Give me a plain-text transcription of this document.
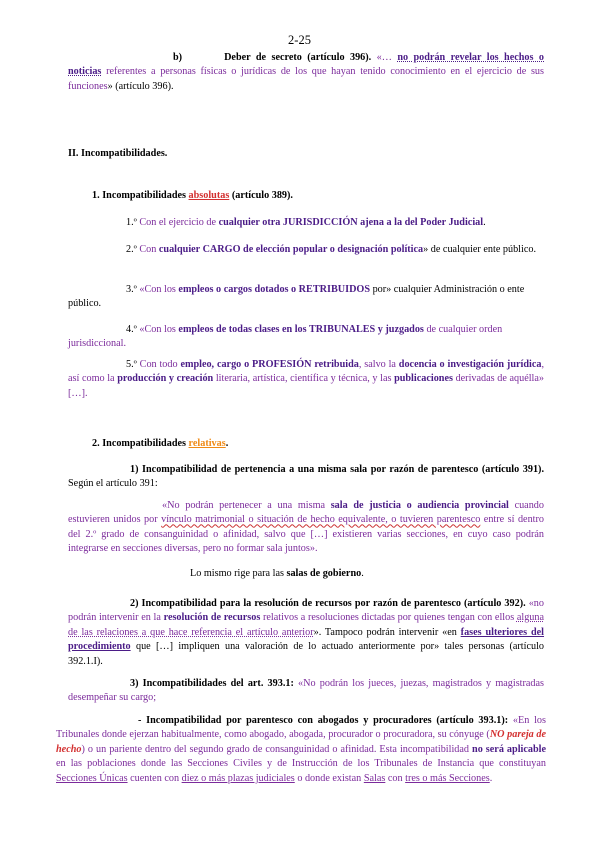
2-25

b)	Deber de secreto (artículo 396). «… no podrán revelar los hechos o noticias referentes a personas físicas o jurídicas de los que hayan tenido conocimiento en el ejercicio de sus funciones» (artículo 396).

II. Incompatibilidades.

1. Incompatibilidades absolutas (artículo 389).

1.º Con el ejercicio de cualquier otra JURISDICCIÓN ajena a la del Poder Judicial.

2.º Con cualquier CARGO de elección popular o designación política» de cualquier ente público.

3.º «Con los empleos o cargos dotados o RETRIBUIDOS por» cualquier Administración o ente público.

4.º «Con los empleos de todas clases en los TRIBUNALES y juzgados de cualquier orden jurisdiccional.

5.º Con todo empleo, cargo o PROFESIÓN retribuida, salvo la docencia o investigación jurídica, así como la producción y creación literaria, artística, científica y técnica, y las publicaciones derivadas de aquélla» […].

2. Incompatibilidades relativas.

1) Incompatibilidad de pertenencia a una misma sala por razón de parentesco (artículo 391). Según el artículo 391:

«No podrán pertenecer a una misma sala de justicia o audiencia provincial cuando estuvieren unidos por vínculo matrimonial o situación de hecho equivalente, o tuvieren parentesco entre sí dentro del 2.º grado de consanguinidad o afinidad, salvo que […] existieren varias secciones, en cuyo caso podrán integrarse en secciones diversas, pero no formar sala juntos».

Lo mismo rige para las salas de gobierno.

2) Incompatibilidad para la resolución de recursos por razón de parentesco (artículo 392). «no podrán intervenir en la resolución de recursos relativos a resoluciones dictadas por quienes tengan con ellos alguna de las relaciones a que hace referencia el artículo anterior». Tampoco podrán intervenir «en fases ulteriores del procedimiento que […] impliquen una valoración de lo actuado anteriormente por» tales personas (artículo 392.1.I).

3) Incompatibilidades del art. 393.1: «No podrán los jueces, juezas, magistrados y magistradas desempeñar su cargo;

- Incompatibilidad por parentesco con abogados y procuradores (artículo 393.1): «En los Tribunales donde ejerzan habitualmente, como abogado, abogada, procurador o procuradora, su cónyuge (NO pareja de hecho) o un pariente dentro del segundo grado de consanguinidad o afinidad. Esta incompatibilidad no será aplicable en las poblaciones donde las Secciones Civiles y de Instrucción de los Tribunales de Instancia que constituyan Secciones Únicas cuenten con diez o más plazas judiciales o donde existan Salas con tres o más Secciones.
